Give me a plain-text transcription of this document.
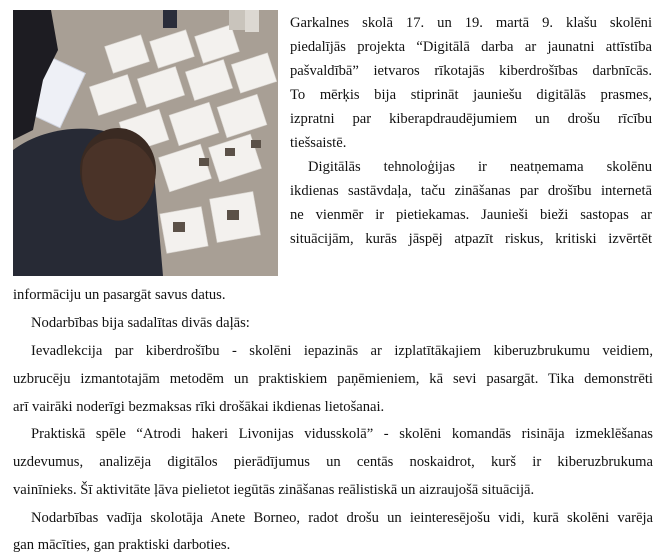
Garkalnes skolā 17. un 19. martā 9. klašu skolēni
piedalījās projekta “Digitālā darba ar jaunatni attīstība
pašvaldībā” ietvaros rīkotajās kiberdrošības darbnīcās.
To mērķis bija stiprināt jauniešu digitālās prasmes,
izpratni par kiberapdraudējumiem un drošu rīcību
tiešsaistē.
Digitālās tehnoloģijas ir neatņemama skolēnu
ikdienas sastāvdaļa, taču zināšanas par drošību internetā
ne vienmēr ir pietiekamas. Jaunieši bieži sastopas ar
situācijām, kurās jāspēj atpazīt riskus, kritiski izvērtēt
informāciju un pasargāt savus datus.
Nodarbības bija sadalītas divās daļās:
Ievadlekcija par kiberdrošību - skolēni iepazinās ar izplatītākajiem kiberuzbrukumu veidiem,
uzbrucēju izmantotajām metodēm un praktiskiem paņēmieniem, kā sevi pasargāt. Tika demonstrēti
arī vairāki noderīgi bezmaksas rīki drošākai ikdienas lietošanai.
Praktiskā spēle “Atrodi hakeri Livonijas vidusskolā” - skolēni komandās risināja izmeklēšanas
uzdevumus, analizēja digitālos pierādījumus un centās noskaidrot, kurš ir kiberuzbrukuma
vainīnieks. Šī aktivitāte ļāva pielietot iegūtās zināšanas reālistiskā un aizraujošā situācijā.
Nodarbības vadīja skolotāja Anete Borneo, radot drošu un ieinteresējošu vidi, kurā skolēni varēja
gan mācīties, gan praktiski darboties.
